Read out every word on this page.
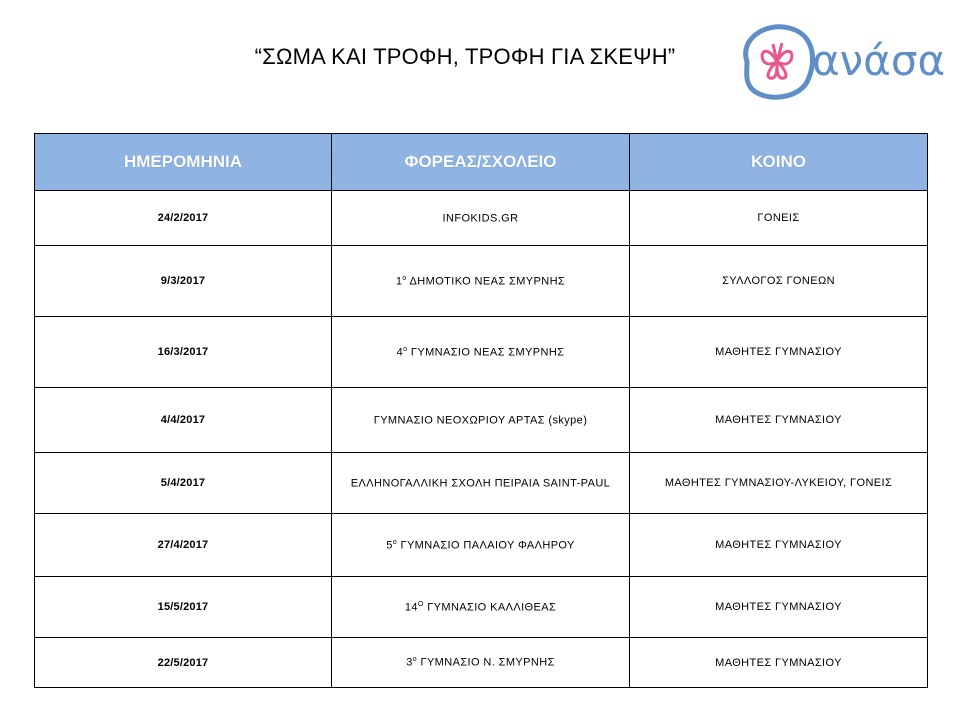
“ΣΩΜΑ ΚΑΙ ΤΡΟΦΗ, ΤΡΟΦΗ ΓΙΑ ΣΚΕΨΗ”	ανάσα
ΗΜΕΡΟΜΗΝΙΑ	ΦΟΡΕΑΣ/ΣΧΟΛΕΙΟ	ΚΟΙΝΟ
24/2/2017	INFOKIDS.GR	ΓΟΝΕΙΣ
9/3/2017	$1^o$ ΔΗΜΟΤΙΚΟ ΝΕΑΣ ΣΜΥΡΝΗΣ	ΣΥΛΛΟΓΟΣ ΓΟΝΕΩΝ
16/3/2017	$4^o$ ΓΥΜΝΑΣΙΟ ΝΕΑΣ ΣΜΥΡΝΗΣ	ΜΑΘΗΤΕΣ ΓΥΜΝΑΣΙΟΥ
4/4/2017	ΓΥΜΝΑΣΙΟ ΝΕΟΧΩΡΙΟΥ ΑΡΤΑΣ (skype)	ΜΑΘΗΤΕΣ ΓΥΜΝΑΣΙΟΥ
5/4/2017	ΕΛΛΗΝΟΓΑΛΛΙΚΗ ΣΧΟΛΗ ΠΕΙΡΑΙΑ SAINT-PAUL	ΜΑΘΗΤΕΣ ΓΥΜΝΑΣΙΟΥ-ΛΥΚΕΙΟΥ, ΓΟΝΕΙΣ
27/4/2017	$5^o$ ΓΥΜΝΑΣΙΟ ΠΑΛΑΙΟΥ ΦΑΛΗΡΟΥ	ΜΑΘΗΤΕΣ ΓΥΜΝΑΣΙΟΥ
15/5/2017	$14^O$ ΓΥΜΝΑΣΙΟ ΚΑΛΛΙΘΕΑΣ	ΜΑΘΗΤΕΣ ΓΥΜΝΑΣΙΟΥ
22/5/2017	$3^o$ ΓΥΜΝΑΣΙΟ Ν. ΣΜΥΡΝΗΣ	ΜΑΘΗΤΕΣ ΓΥΜΝΑΣΙΟΥ
